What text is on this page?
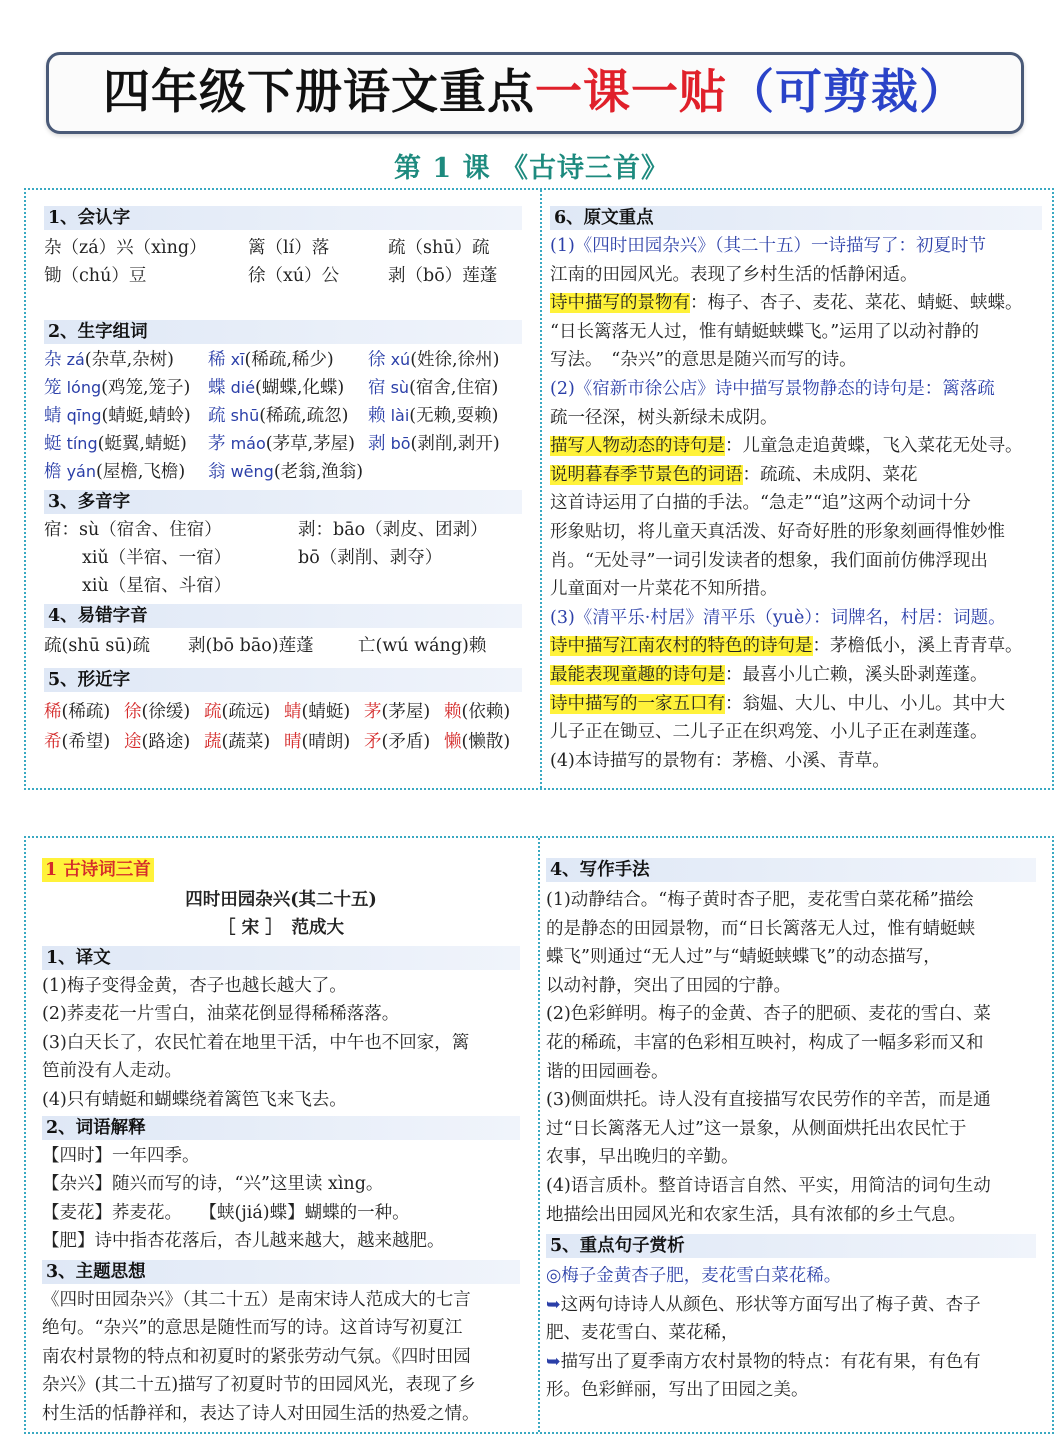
四年级下册语文重点一课一贴（可剪裁）
第 1 课 《古诗三首》
1、会认字
杂（zá）兴（xìng） 篱（lí）落	疏（shū）疏
锄（chú）豆	徐（xú）公	剥（bō）莲蓬
2、生字组词
杂 zá(杂草,杂树) 稀 xī(稀疏,稀少) 徐 xú(姓徐,徐州)
笼 lóng(鸡笼,笼子) 蝶 dié(蝴蝶,化蝶) 宿 sù(宿舍,住宿)
蜻 qīng(蜻蜓,蜻蛉) 疏 shū(稀疏,疏忽) 赖 lài(无赖,耍赖)
蜓 tíng(蜓翼,蜻蜓) 茅 máo(茅草,茅屋) 剥 bō(剥削,剥开)
檐 yán(屋檐,飞檐) 翁 wēng(老翁,渔翁)
3、多音字
宿：sù（宿舍、住宿）	剥：bāo（剥皮、团剥）
xiǔ（半宿、一宿）	bō（剥削、剥夺）
xiù（星宿、斗宿）
4、易错字音
疏(shū sū)疏 剥(bō bāo)莲蓬	亡(wú wáng)赖
5、形近字
稀(稀疏) 徐(徐缓) 疏(疏远) 蜻(蜻蜓) 茅(茅屋) 赖(依赖)
希(希望) 途(路途) 蔬(蔬菜) 晴(晴朗) 矛(矛盾) 懒(懒散)
6、原文重点
(1)《四时田园杂兴》（其二十五）一诗描写了：初夏时节
江南的田园风光。表现了乡村生活的恬静闲适。
诗中描写的景物有：梅子、杏子、麦花、菜花、蜻蜓、蛱蝶。
“日长篱落无人过，惟有蜻蜓蛱蝶飞。”运用了以动衬静的
写法。　“杂兴”的意思是随兴而写的诗。
(2)《宿新市徐公店》诗中描写景物静态的诗句是：篱落疏
疏一径深，树头新绿未成阴。
描写人物动态的诗句是：儿童急走追黄蝶，飞入菜花无处寻。
说明暮春季节景色的词语：疏疏、未成阴、菜花
这首诗运用了白描的手法。“急走”“追”这两个动词十分
形象贴切，将儿童天真活泼、好奇好胜的形象刻画得惟妙惟
肖。“无处寻”一词引发读者的想象，我们面前仿佛浮现出
儿童面对一片菜花不知所措。
(3)《清平乐·村居》清平乐（yuè）：词牌名，村居：词题。
诗中描写江南农村的特色的诗句是：茅檐低小，溪上青青草。
最能表现童趣的诗句是：最喜小儿亡赖，溪头卧剥莲蓬。
诗中描写的一家五口有：翁媪、大儿、中儿、小儿。其中大
儿子正在锄豆、二儿子正在织鸡笼、小儿子正在剥莲蓬。
(4)本诗描写的景物有：茅檐、小溪、青草。
1 古诗词三首
四时田园杂兴(其二十五)
［ 宋 ］　范成大
1、译文
(1)梅子变得金黄，杏子也越长越大了。
(2)荞麦花一片雪白，油菜花倒显得稀稀落落。
(3)白天长了，农民忙着在地里干活，中午也不回家，篱
笆前没有人走动。
(4)只有蜻蜓和蝴蝶绕着篱笆飞来飞去。
2、词语解释
【四时】一年四季。
【杂兴】随兴而写的诗，“兴”这里读 xìng。
【麦花】荞麦花。　　【蛱(jiá)蝶】蝴蝶的一种。
【肥】诗中指杏花落后，杏儿越来越大，越来越肥。
3、主题思想
《四时田园杂兴》（其二十五）是南宋诗人范成大的七言
绝句。“杂兴”的意思是随性而写的诗。这首诗写初夏江
南农村景物的特点和初夏时的紧张劳动气氛。《四时田园
杂兴》(其二十五)描写了初夏时节的田园风光，表现了乡
村生活的恬静祥和，表达了诗人对田园生活的热爱之情。
4、写作手法
(1)动静结合。“梅子黄时杏子肥，麦花雪白菜花稀”描绘
的是静态的田园景物，而“日长篱落无人过，惟有蜻蜓蛱
蝶飞”则通过“无人过”与“蜻蜓蛱蝶飞”的动态描写，
以动衬静，突出了田园的宁静。
(2)色彩鲜明。梅子的金黄、杏子的肥硕、麦花的雪白、菜
花的稀疏，丰富的色彩相互映衬，构成了一幅多彩而又和
谐的田园画卷。
(3)侧面烘托。诗人没有直接描写农民劳作的辛苦，而是通
过“日长篱落无人过”这一景象，从侧面烘托出农民忙于
农事，早出晚归的辛勤。
(4)语言质朴。整首诗语言自然、平实，用简洁的词句生动
地描绘出田园风光和农家生活，具有浓郁的乡土气息。
5、重点句子赏析
◎梅子金黄杏子肥，麦花雪白菜花稀。
➥这两句诗诗人从颜色、形状等方面写出了梅子黄、杏子
肥、麦花雪白、菜花稀，
➥描写出了夏季南方农村景物的特点：有花有果，有色有
形。色彩鲜丽，写出了田园之美。
